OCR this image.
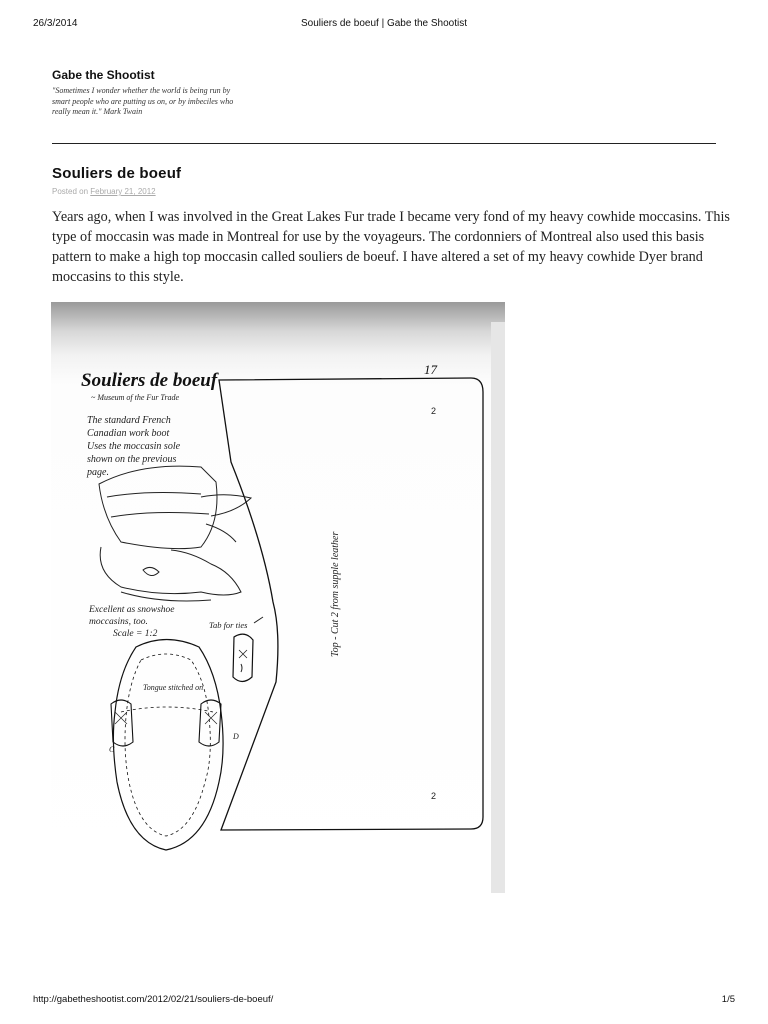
26/3/2014	Souliers de boeuf | Gabe the Shootist
Gabe the Shootist
"Sometimes I wonder whether the world is being run by smart people who are putting us on, or by imbeciles who really mean it." Mark Twain
Souliers de boeuf
Posted on February 21, 2012
Years ago, when I was involved in the Great Lakes Fur trade I became very fond of my heavy cowhide moccasins. This type of moccasin was made in Montreal for use by the voyageurs. The cordonniers of Montreal also used this basis pattern to make a high top moccasin called souliers de boeuf. I have altered a set of my heavy cowhide Dyer brand moccasins to this style.
Souliers de boeuf
17
~ Museum of the Fur Trade
The standard French
Canadian work boot
Uses the moccasin sole
shown on the previous
page.
2
2
Top - Cut 2 from supple leather
Excellent as snowshoe
moccasins, too.
Scale = 1:2
Tab for ties
Tongue stitched on
C
D
http://gabetheshootist.com/2012/02/21/souliers-de-boeuf/	1/5
